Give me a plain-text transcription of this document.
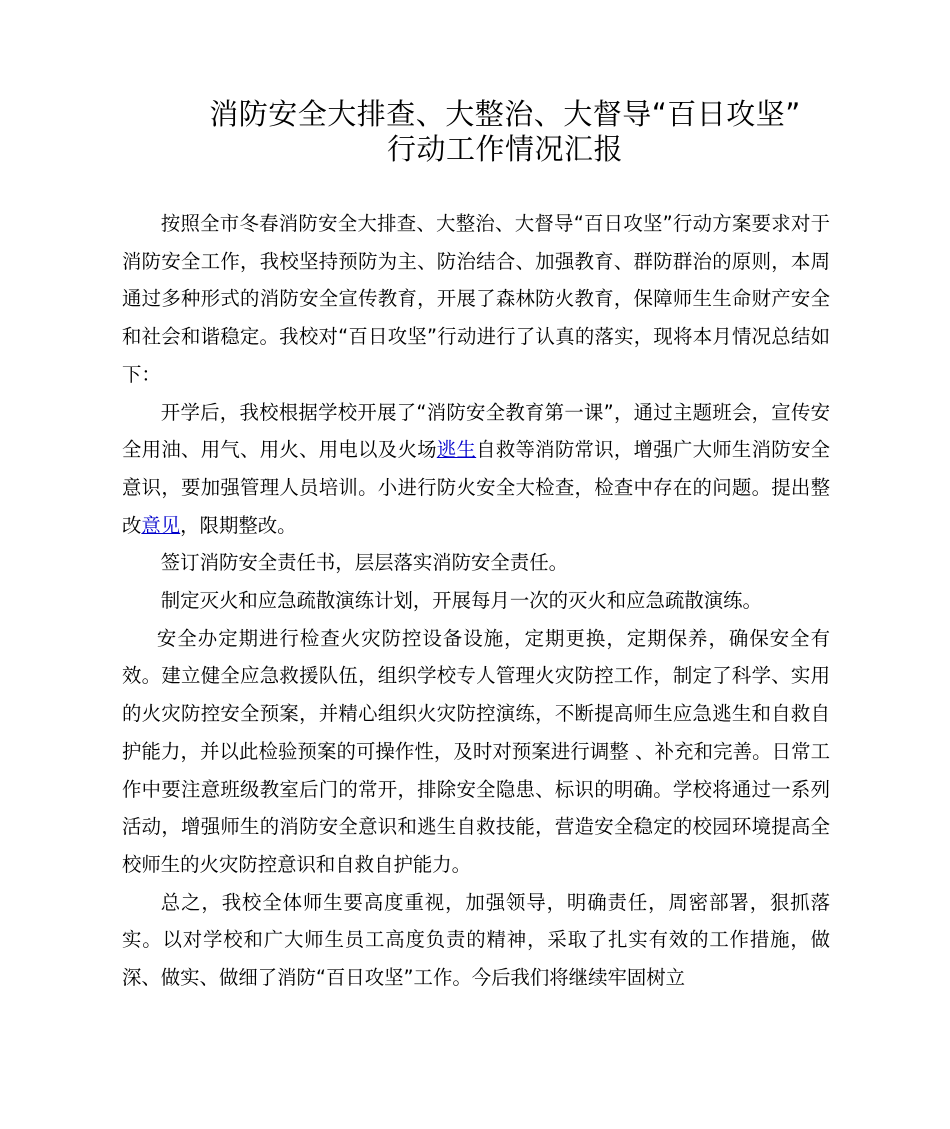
消防安全大排查、大整治、大督导“百日攻坚”
行动工作情况汇报

按照全市冬春消防安全大排查、大整治、大督导“百日攻坚”行动方案要求对于消防安全工作，我校坚持预防为主、防治结合、加强教育、群防群治的原则，本周通过多种形式的消防安全宣传教育，开展了森林防火教育，保障师生生命财产安全和社会和谐稳定。我校对“百日攻坚”行动进行了认真的落实，现将本月情况总结如下：

开学后，我校根据学校开展了“消防安全教育第一课”，通过主题班会，宣传安全用油、用气、用火、用电以及火场逃生自救等消防常识，增强广大师生消防安全意识，要加强管理人员培训。小进行防火安全大检查，检查中存在的问题。提出整改意见，限期整改。

签订消防安全责任书，层层落实消防安全责任。

制定灭火和应急疏散演练计划，开展每月一次的灭火和应急疏散演练。

安全办定期进行检查火灾防控设备设施，定期更换，定期保养，确保安全有效。建立健全应急救援队伍，组织学校专人管理火灾防控工作，制定了科学、实用的火灾防控安全预案，并精心组织火灾防控演练，不断提高师生应急逃生和自救自护能力，并以此检验预案的可操作性，及时对预案进行调整 、补充和完善。日常工作中要注意班级教室后门的常开，排除安全隐患、标识的明确。学校将通过一系列活动，增强师生的消防安全意识和逃生自救技能，营造安全稳定的校园环境提高全校师生的火灾防控意识和自救自护能力。

总之，我校全体师生要高度重视，加强领导，明确责任，周密部署，狠抓落实。以对学校和广大师生员工高度负责的精神，采取了扎实有效的工作措施，做深、做实、做细了消防“百日攻坚”工作。今后我们将继续牢固树立
